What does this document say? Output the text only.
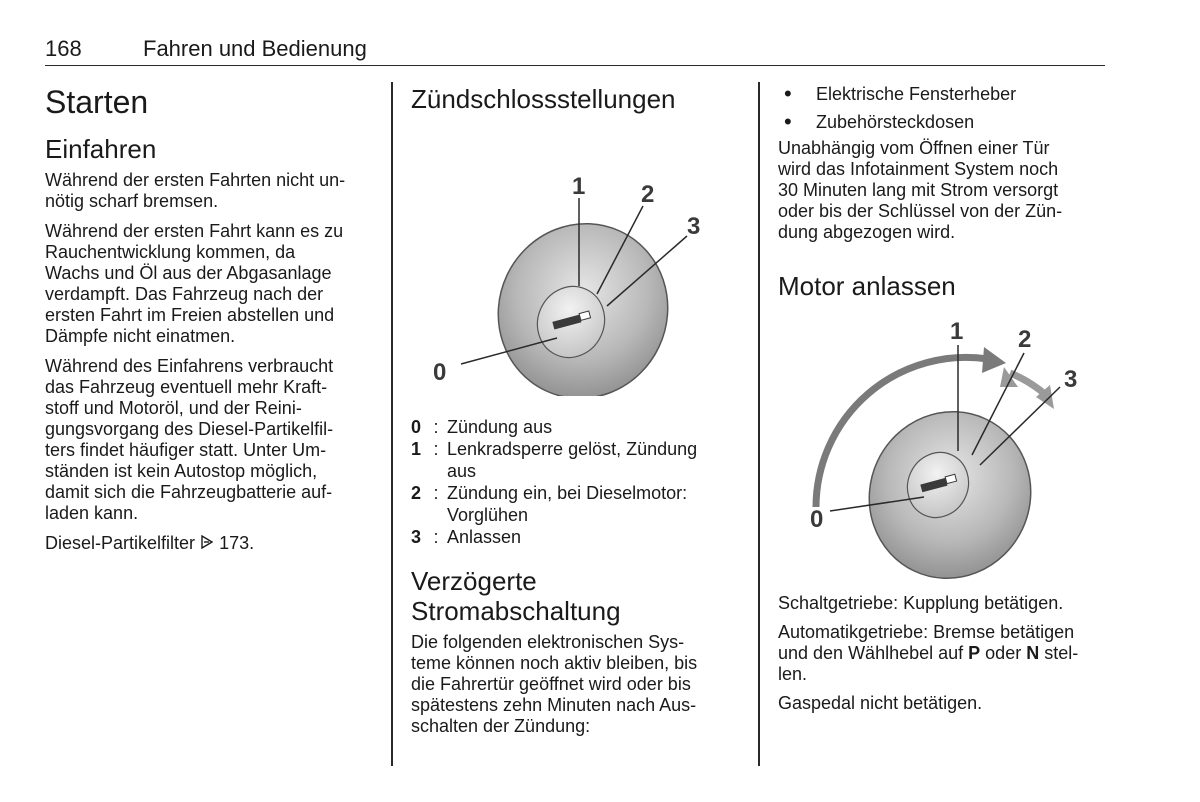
168	Fahren und Bedienung
Starten
Einfahren

Während der ersten Fahrten nicht un-
nötig scharf bremsen.

Während der ersten Fahrt kann es zu
Rauchentwicklung kommen, da
Wachs und Öl aus der Abgasanlage
verdampft. Das Fahrzeug nach der
ersten Fahrt im Freien abstellen und
Dämpfe nicht einatmen.

Während des Einfahrens verbraucht
das Fahrzeug eventuell mehr Kraft-
stoff und Motoröl, und der Reini-
gungsvorgang des Diesel-Partikelfil-
ters findet häufiger statt. Unter Um-
ständen ist kein Autostop möglich,
damit sich die Fahrzeugbatterie auf-
laden kann.

Diesel-Partikelfilter 173.

Zündschlossstellungen
0
1 2
3
0 : Zündung aus
1 : Lenkradsperre gelöst, Zündung
aus
2 : Zündung ein, bei Dieselmotor:
Vorglühen
3 : Anlassen
Verzögerte
Stromabschaltung

Die folgenden elektronischen Sys-
teme können noch aktiv bleiben, bis
die Fahrertür geöffnet wird oder bis
spätestens zehn Minuten nach Aus-
schalten der Zündung:

•	Elektrische Fensterheber
•	Zubehörsteckdosen

Unabhängig vom Öffnen einer Tür
wird das Infotainment System noch
30 Minuten lang mit Strom versorgt
oder bis der Schlüssel von der Zün-
dung abgezogen wird.

Motor anlassen
0
1 2
3

Schaltgetriebe: Kupplung betätigen.

Automatikgetriebe: Bremse betätigen
und den Wählhebel auf P oder N stel-
len.

Gaspedal nicht betätigen.
